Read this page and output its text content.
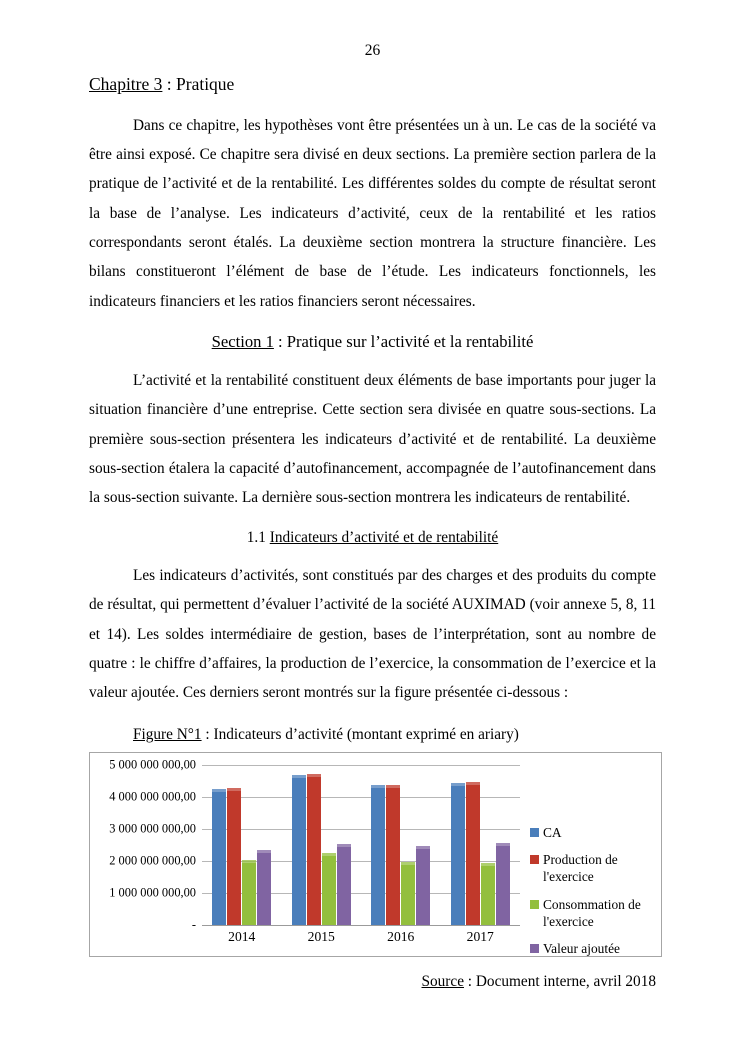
26
Chapitre 3 : Pratique

Dans ce chapitre, les hypothèses vont être présentées un à un. Le cas de la société va être ainsi exposé. Ce chapitre sera divisé en deux sections. La première section parlera de la pratique de l’activité et de la rentabilité. Les différentes soldes du compte de résultat seront la base de l’analyse. Les indicateurs d’activité, ceux de la rentabilité et les ratios correspondants seront étalés. La deuxième section montrera la structure financière. Les bilans constitueront l’élément de base de l’étude. Les indicateurs fonctionnels, les indicateurs financiers et les ratios financiers seront nécessaires.

Section 1 : Pratique sur l’activité et la rentabilité

L’activité et la rentabilité constituent deux éléments de base importants pour juger la situation financière d’une entreprise. Cette section sera divisée en quatre sous-sections. La première sous-section présentera les indicateurs d’activité et de rentabilité. La deuxième sous-section étalera la capacité d’autofinancement, accompagnée de l’autofinancement dans la sous-section suivante. La dernière sous-section montrera les indicateurs de rentabilité.

1.1 Indicateurs d’activité et de rentabilité

Les indicateurs d’activités, sont constitués par des charges et des produits du compte de résultat, qui permettent d’évaluer l’activité de la société AUXIMAD (voir annexe 5, 8, 11 et 14). Les soldes intermédiaire de gestion, bases de l’interprétation, sont au nombre de quatre : le chiffre d’affaires, la production de l’exercice, la consommation de l’exercice et la valeur ajoutée. Ces derniers seront montrés sur la figure présentée ci-dessous :

Figure N°1 : Indicateurs d’activité (montant exprimé en ariary)
5 000 000 000,00
4 000 000 000,00
3 000 000 000,00
2 000 000 000,00
1 000 000 000,00
-
2014	2015	2016	2017
CA
Production de l'exercice
Consommation de l'exercice
Valeur ajoutée
Source : Document interne, avril 2018
